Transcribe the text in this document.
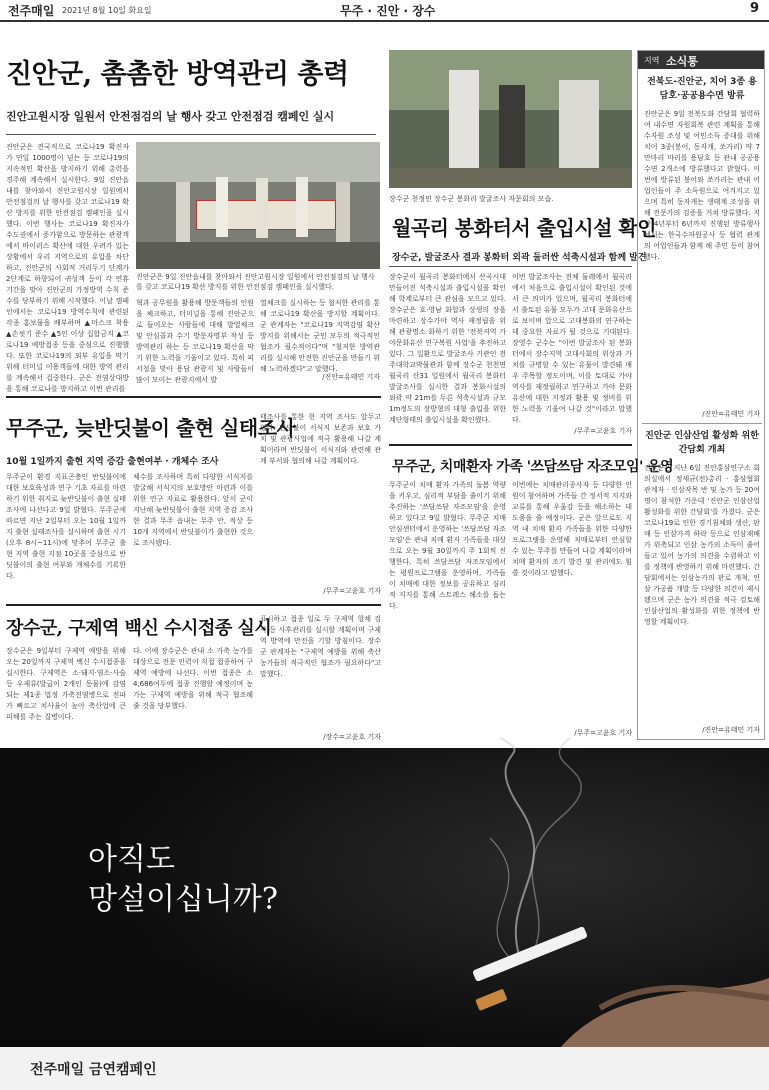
전주매일 2021년 8월 10일 화요일	무주 · 진안 · 장수	9
진안군, 촘촘한 방역관리 총력
진안고원시장 일원서 안전점검의 날 행사 갖고 안전점검 캠페인 실시
진안군은 전국적으로 코로나19 확진자가 연일 1000명이 넘는 등 코로나19의 지속적인 확산을 방지하기 위해 총력을 경주해 계속해서 실시한다. 9일 진안읍내를 찾아와서 진안고원시장 일원에서 안전점검의 날 행사를 갖고 코로나19 확산 방지를 위한 안전점검 캠페인을 실시했다. 이번 행사는 코로나19 확진자가 수도권에서 증가함으로 방문하는 관광객에서 바이러스 확산에 대한 우려가 있는 상황에서 우리 지역으로의 유입을 차단하고, 진안군의 사회적 거리두기 단계가 2단계로 하향되어 귀성객 등이 각 연휴 기간을 맞아 진안군의 가정방역 수칙 준수를 당부하기 위해 시작했다. 이날 캠페인에서는 코로나19 방역수칙에 관련된 각종 홍보물을 배부하며 ▲마스크 착용 ▲손씻기 준수 ▲5인 이상 집합금지 ▲코로나19 예방접종 등을 중심으로 진행했다. 또한 코로나19의 외부 유입을 막기 위해 터미널 이용객들에 대한 방역 관리를 계속해서 집중한다. 군은 전염상대방을 통해 코로나를 방지하고 이번 관리를
진안군은 9일 진안읍내를 찾아와서 진안고원시장 일원에서 안전점검의 날 행사를 갖고 코로나19 확산 방지를 위한 안전점검 캠페인을 실시했다.
혁과 공무원을 활용해 방문객들의 인원을 체크하고, 터미널을 통해 진안군으로 들어오는 사람들에 대해 발열체크 및 안심콜과 수기 방문자명부 작성 등 방역관리 하는 등 코로나19 확산을 막기 위한 노력을 기울이고 있다. 특히 피서철을 맞아 용담 관광지 및 사람들이 많이 모이는 관광지에서 발
열체크를 실시하는 등 철저한 관리를 통해 코로나19 확산을 방지할 계획이다. 군 관계자는 "코로나19 지역감염 확산 방지를 위해서는 군민 모두의 적극적인 협조가 필수적이다"며 "철저한 방역관리를 실시해 안전한 진안군을 만들기 위해 노력하겠다"고 말했다.
/진안=유태민 기자
장수군 천정민 장수군 봉화리 발굴조사 자문회의 모습.
월곡리 봉화터서 출입시설 확인
장수군, 발굴조사 결과 봉화터 외곽 둘러싼 석축시설과 함께 발견
장수군이 월곡리 봉화터에서 산곡시대 만들어진 석축시설과 출입시설을 확인해 학계로부터 큰 관심을 모으고 있다. 장수군은 호·영남 화합과 상생의 장을 마련하고 장수가야 역사 재정립을 위해 관광명소 화하기 위한 '전북지역 가야문화유산 연구복원 사업'을 추진하고 있다. 그 일환으로 발굴조사 기관인 전주대학교박물관과 함께 장수군 천천면 월곡리 산31 일원에서 월곡리 봉화터 발굴조사를 실시한 결과 봉화시설의 외곽 약 21m를 두른 석축시설과 규모 1m정도의 장방형의 대형 출입을 위한 계단형태의 출입시설을 확인했다.
이번 발굴조사는 전체 둘레에서 월곡리에서 처음으로 출입시설이 확인된 것에서 큰 의미가 있으며, 월곡리 봉화터에서 출토된 유물 모두가 고대 문화유산으로 보이며 앞으로 고대봉화의 연구하는데 중요한 자료가 될 것으로 기대된다. 장영수 군수는 "이번 발굴조사 된 봉화터에서 장수지역 고대사회의 위상과 가치를 규명할 수 있는 유물이 발견돼 매우 주목할 정도이며, 이를 토대로 가야 역사를 재정립하고 연구하고 가야 문화유산에 대한 지정과 활용 및 정비를 위한 노력을 기울여 나갈 것"이라고 말했다.
/무주=고윤호 기자
지역 소식통
전북도-진안군, 치어 3종 용담호·공공용수면 방류
진안군은 9일 전북도와 간담회 협력하여 내수면 자원회복 관련 계획을 통해 수자원 조성 및 어민소득 증대를 위해 치어 3종(붕어, 동자개, 쏘가리) 약 7만마리 마리를 용담호 등 관내 공공용수면 2개소에 방류했다고 밝혔다. 이번에 방류된 붕어와 쏘가리는 관내 어업인들이 주 소득원으로 여겨지고 있으며 특히 동자개는 생태계 조성을 위해 전문가의 검증을 거쳐 방류했다. 지난 4년부터 6년까지 진행된 방류행사에서는 한국수자원공사 등 협력 관계의 어업인들과 함께 해 주민 등이 참여했다.
/진안=유태민 기자
진안군 인삼산업 활성화 위한 간담회 개최
진안군은 지난 6일 진안홍삼연구소 회의실에서 정세균(전)총리 · 홍삼협회 관계자 · 인삼작목 반 및 농가 등 20여명이 참석한 가운데 '진안군 인삼산업 활성화를 위한 간담회'를 가졌다. 군은 코로나19로 인한 경기침체와 생산, 판매 등 인삼가격 하락 등으로 인삼재배가 위축되고 인삼 농가의 소득이 줄어들고 있어 농가의 의견을 수렴하고 이를 정책에 반영하기 위해 마련했다. 간담회에서는 인삼농가의 판로 개척, 인삼 가공품 개발 등 다양한 의견이 제시됐으며 군은 농가 의견을 적극 검토해 인삼산업의 활성화를 위한 정책에 반영할 계획이다.
/진안=유태민 기자
무주군, 늦반딧불이 출현 실태조사
10월 1일까지 출현 지역 증감 출현여부 · 개체수 조사
무주군이 환경 지표곤충인 반딧불이에 대한 보호육성과 연구 기초 자료를 마련하기 위한 취지로 늦반딧불이 출현 실태조사에 나선다고 9일 밝혔다. 무주군에 따르면 지난 2일부터 오는 10월 1일까지 출현 실태조사를 실시하며 출현 시기(오후 8시~11시)에 맞추어 무주군 출현 지역 출현 지점 10곳을 중심으로 반딧불이의 출현 여부와 개체수를 기록한다.
체수를 조사하며 특히 다양한 서식지를 발굴해 서식지의 보호방안 마련과 이를 위한 연구 자료로 활용한다. 앞서 군이 지난해 늦반딧불이 출현 지역 증감 조사한 결과 무주 읍내는 무주 안, 적상 등 10개 지역에서 반딧불이가 출현한 것으로 조사됐다.
태조사를 통한 현 지역 조사도 앞두고 있다. 반딧불이 서식지 보존과 보호 가치 및 관광사업에 적극 활용해 나갈 계획이라며 반딧불이 서식지와 관련해 관계 부서와 협의해 나갈 계획이다.
/무주=고윤호 기자
무주군, 치매환자 가족 '쓰담쓰담 자조모임' 운영
무주군이 치매 환자 가족의 돌봄 역량을 키우고, 심리적 부담을 줄이기 위해 추진하는 '쓰담쓰담 자조모임'을 운영하고 있다고 9일 밝혔다. 무주군 치매안심센터에서 운영하는 '쓰담쓰담 자조모임'은 관내 치매 환자 가족들을 대상으로 오는 9월 30일까지 주 1회씩 진행한다. 특히 쓰담쓰담 자조모임에서는 평원프로그램을 운영하며, 가족들이 치매에 대한 정보를 공유하고 심리적 지지를 통해 스트레스 해소를 돕는다.
이번에는 치매관리종사자 등 다양한 인원이 참여하며 가족들 간 정서적 지지와 교류를 통해 우울감 등을 해소하는 데 도움을 줄 예정이다. 군은 앞으로도 지역 내 치매 환자 가족들을 위한 다양한 프로그램을 운영해 치매로부터 안심할 수 있는 무주를 만들어 나갈 계획이라며 치매 환자의 조기 발견 및 관리에도 힘쓸 것이라고 말했다.
/무주=고윤호 기자
장수군, 구제역 백신 수시접종 실시
장수군은 9일부터 구제역 예방을 위해 오는 20일까지 구제역 백신 수시접종을 실시한다. 구제역은 소·돼지·염소·사슴 등 우제류(발굽이 2개인 동물)에 감염되는 제1종 법정 가축전염병으로 전파가 빠르고 치사율이 높아 축산업에 큰 피해를 주는 질병이다.
다. 이에 장수군은 관내 소 가축 농가를 대상으로 전문 인력이 직접 접종하여 구제역 예방에 나선다. 이번 접종은 소 4,686여두에 접종 진행할 예정이며 농가는 구제역 예방을 위해 적극 협조해 줄 것을 당부했다.
표시하고 접종 일로 두 구제역 항체 검사 등 사후관리를 실시할 계획이며 구제역 방역에 만전을 기할 방침이다. 장수군 관계자는 "구제역 예방을 위해 축산 농가들의 적극적인 협조가 필요하다"고 말했다.
/장수=고윤호 기자
아직도
망설이십니까?
전주매일 금연캠페인
